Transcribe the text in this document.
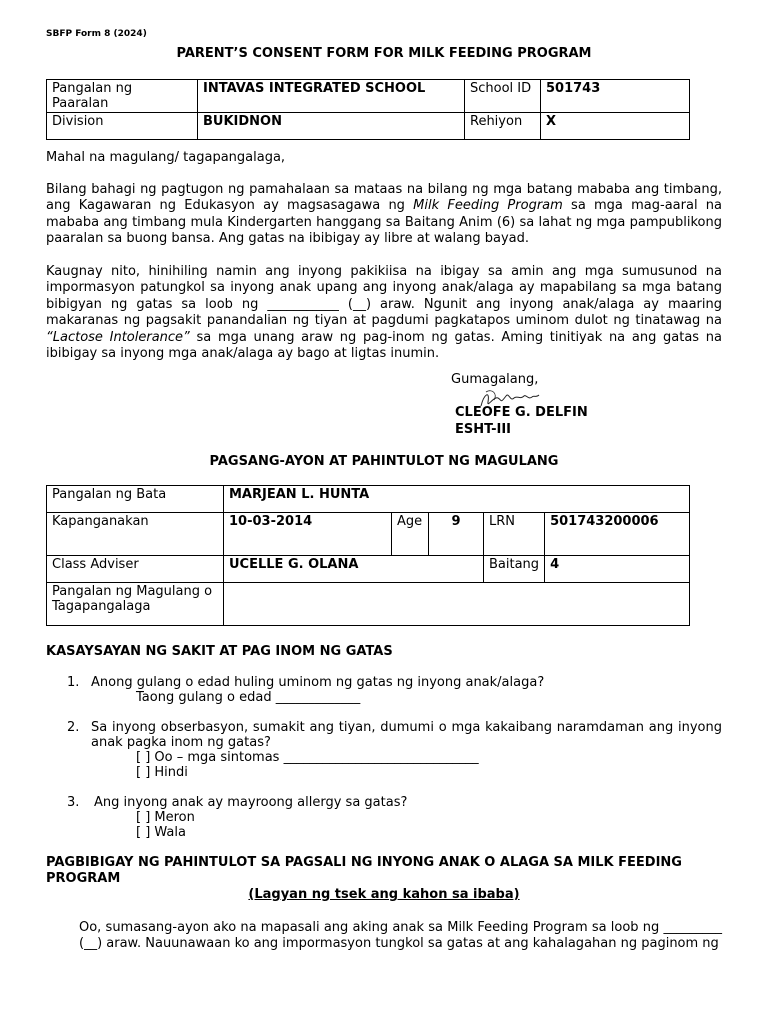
SBFP Form 8 (2024)
PARENT’S CONSENT FORM FOR MILK FEEDING PROGRAM
Pangalan ng Paaralan	INTAVAS INTEGRATED SCHOOL	School ID	501743
Division	BUKIDNON	Rehiyon	X
Mahal na magulang/ tagapangalaga,

Bilang bahagi ng pagtugon ng pamahalaan sa mataas na bilang ng mga batang mababa ang timbang, ang Kagawaran ng Edukasyon ay magsasagawa ng Milk Feeding Program sa mga mag-aaral na mababa ang timbang mula Kindergarten hanggang sa Baitang Anim (6) sa lahat ng mga pampublikong paaralan sa buong bansa. Ang gatas na ibibigay ay libre at walang bayad.

Kaugnay nito, hinihiling namin ang inyong pakikiisa na ibigay sa amin ang mga sumusunod na impormasyon patungkol sa inyong anak upang ang inyong anak/alaga ay mapabilang sa mga batang bibigyan ng gatas sa loob ng ___________ (__) araw. Ngunit ang inyong anak/alaga ay maaring makaranas ng pagsakit panandalian ng tiyan at pagdumi pagkatapos uminom dulot ng tinatawag na “Lactose Intolerance” sa mga unang araw ng pag-inom ng gatas. Aming tinitiyak na ang gatas na ibibigay sa inyong mga anak/alaga ay bago at ligtas inumin.

Gumagalang,
CLEOFE G. DELFIN
ESHT-III
PAGSANG-AYON AT PAHINTULOT NG MAGULANG
Pangalan ng Bata	MARJEAN L. HUNTA				
Kapanganakan	10-03-2014	Age	9	LRN	501743200006
Class Adviser	UCELLE G. OLANA			Baitang	4
Pangalan ng Magulang o Tagapangalaga					
KASAYSAYAN NG SAKIT AT PAG INOM NG GATAS
1. Anong gulang o edad huling uminom ng gatas ng inyong anak/alaga?
Taong gulang o edad _____________
2. Sa inyong obserbasyon, sumakit ang tiyan, dumumi o mga kakaibang naramdaman ang inyong anak pagka inom ng gatas?
[ ] Oo – mga sintomas ______________________________
[ ] Hindi
3. Ang inyong anak ay mayroong allergy sa gatas?
[ ] Meron
[ ] Wala
PAGBIBIGAY NG PAHINTULOT SA PAGSALI NG INYONG ANAK O ALAGA SA MILK FEEDING PROGRAM
(Lagyan ng tsek ang kahon sa ibaba)
Oo, sumasang-ayon ako na mapasali ang aking anak sa Milk Feeding Program sa loob ng _________ (__) araw. Nauunawaan ko ang impormasyon tungkol sa gatas at ang kahalagahan ng paginom ng
